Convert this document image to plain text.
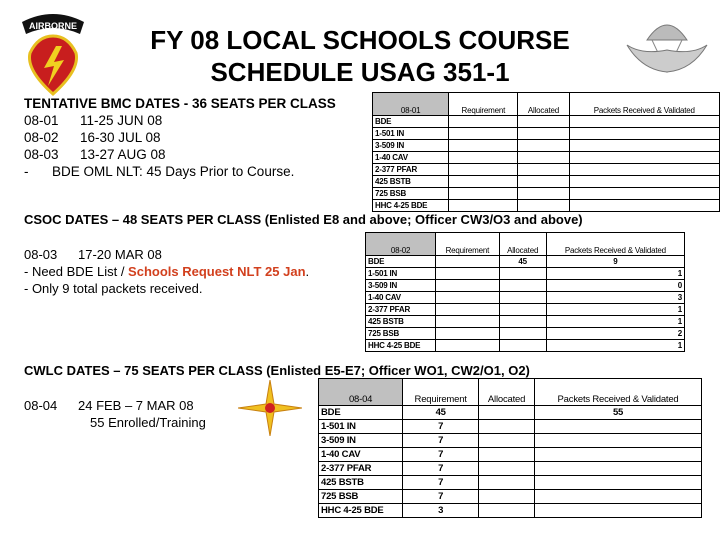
AIRBORNE	FY 08 LOCAL SCHOOLS COURSE SCHEDULE USAG 351-1
TENTATIVE BMC DATES - 36 SEATS PER CLASS
08-01 11-25 JUN 08
08-02 16-30 JUL 08
08-03 13-27 AUG 08
- BDE OML NLT: 45 Days Prior to Course.
CSOC DATES – 48 SEATS PER CLASS (Enlisted E8 and above; Officer CW3/O3 and above)
08-03 17-20 MAR 08
- Need BDE List / Schools Request NLT 25 Jan.
- Only 9 total packets received.
CWLC DATES – 75 SEATS PER CLASS (Enlisted E5-E7; Officer WO1, CW2/O1, O2)
08-04 24 FEB – 7 MAR 08
55 Enrolled/Training
08-01	Requirement	Allocated	Packets Received & Validated
BDE			
1-501 IN			
3-509 IN			
1-40 CAV			
2-377 PFAR			
425 BSTB			
725 BSB			
HHC 4-25 BDE			
08-02	Requirement	Allocated	Packets Received & Validated
BDE		45	9
1-501 IN			1
3-509 IN			0
1-40 CAV			3
2-377 PFAR			1
425 BSTB			1
725 BSB			2
HHC 4-25 BDE			1
08-04	Requirement	Allocated	Packets Received & Validated
BDE	45		55
1-501 IN	7		
3-509 IN	7		
1-40 CAV	7		
2-377 PFAR	7		
425 BSTB	7		
725 BSB	7		
HHC 4-25 BDE	3		
